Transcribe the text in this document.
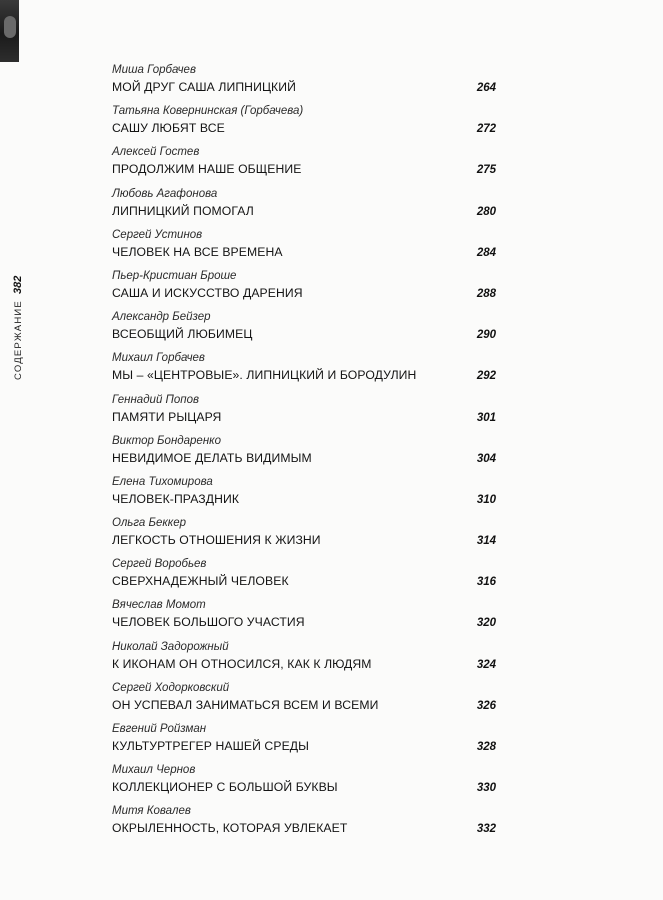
СОДЕРЖАНИЕ
382
Миша Горбачев
МОЙ ДРУГ САША ЛИПНИЦКИЙ	264
Татьяна Ковернинская (Горбачева)
САШУ ЛЮБЯТ ВСЕ	272
Алексей Гостев
ПРОДОЛЖИМ НАШЕ ОБЩЕНИЕ	275
Любовь Агафонова
ЛИПНИЦКИЙ ПОМОГАЛ	280
Сергей Устинов
ЧЕЛОВЕК НА ВСЕ ВРЕМЕНА	284
Пьер-Кристиан Броше
САША И ИСКУССТВО ДАРЕНИЯ	288
Александр Бейзер
ВСЕОБЩИЙ ЛЮБИМЕЦ	290
Михаил Горбачев
МЫ – «ЦЕНТРОВЫЕ». ЛИПНИЦКИЙ И БОРОДУЛИН	292
Геннадий Попов
ПАМЯТИ РЫЦАРЯ	301
Виктор Бондаренко
НЕВИДИМОЕ ДЕЛАТЬ ВИДИМЫМ	304
Елена Тихомирова
ЧЕЛОВЕК-ПРАЗДНИК	310
Ольга Беккер
ЛЕГКОСТЬ ОТНОШЕНИЯ К ЖИЗНИ	314
Сергей Воробьев
СВЕРХНАДЕЖНЫЙ ЧЕЛОВЕК	316
Вячеслав Момот
ЧЕЛОВЕК БОЛЬШОГО УЧАСТИЯ	320
Николай Задорожный
К ИКОНАМ ОН ОТНОСИЛСЯ, КАК К ЛЮДЯМ	324
Сергей Ходорковский
ОН УСПЕВАЛ ЗАНИМАТЬСЯ ВСЕМ И ВСЕМИ	326
Евгений Ройзман
КУЛЬТУРТРЕГЕР НАШЕЙ СРЕДЫ	328
Михаил Чернов
КОЛЛЕКЦИОНЕР С БОЛЬШОЙ БУКВЫ	330
Митя Ковалев
ОКРЫЛЕННОСТЬ, КОТОРАЯ УВЛЕКАЕТ	332
